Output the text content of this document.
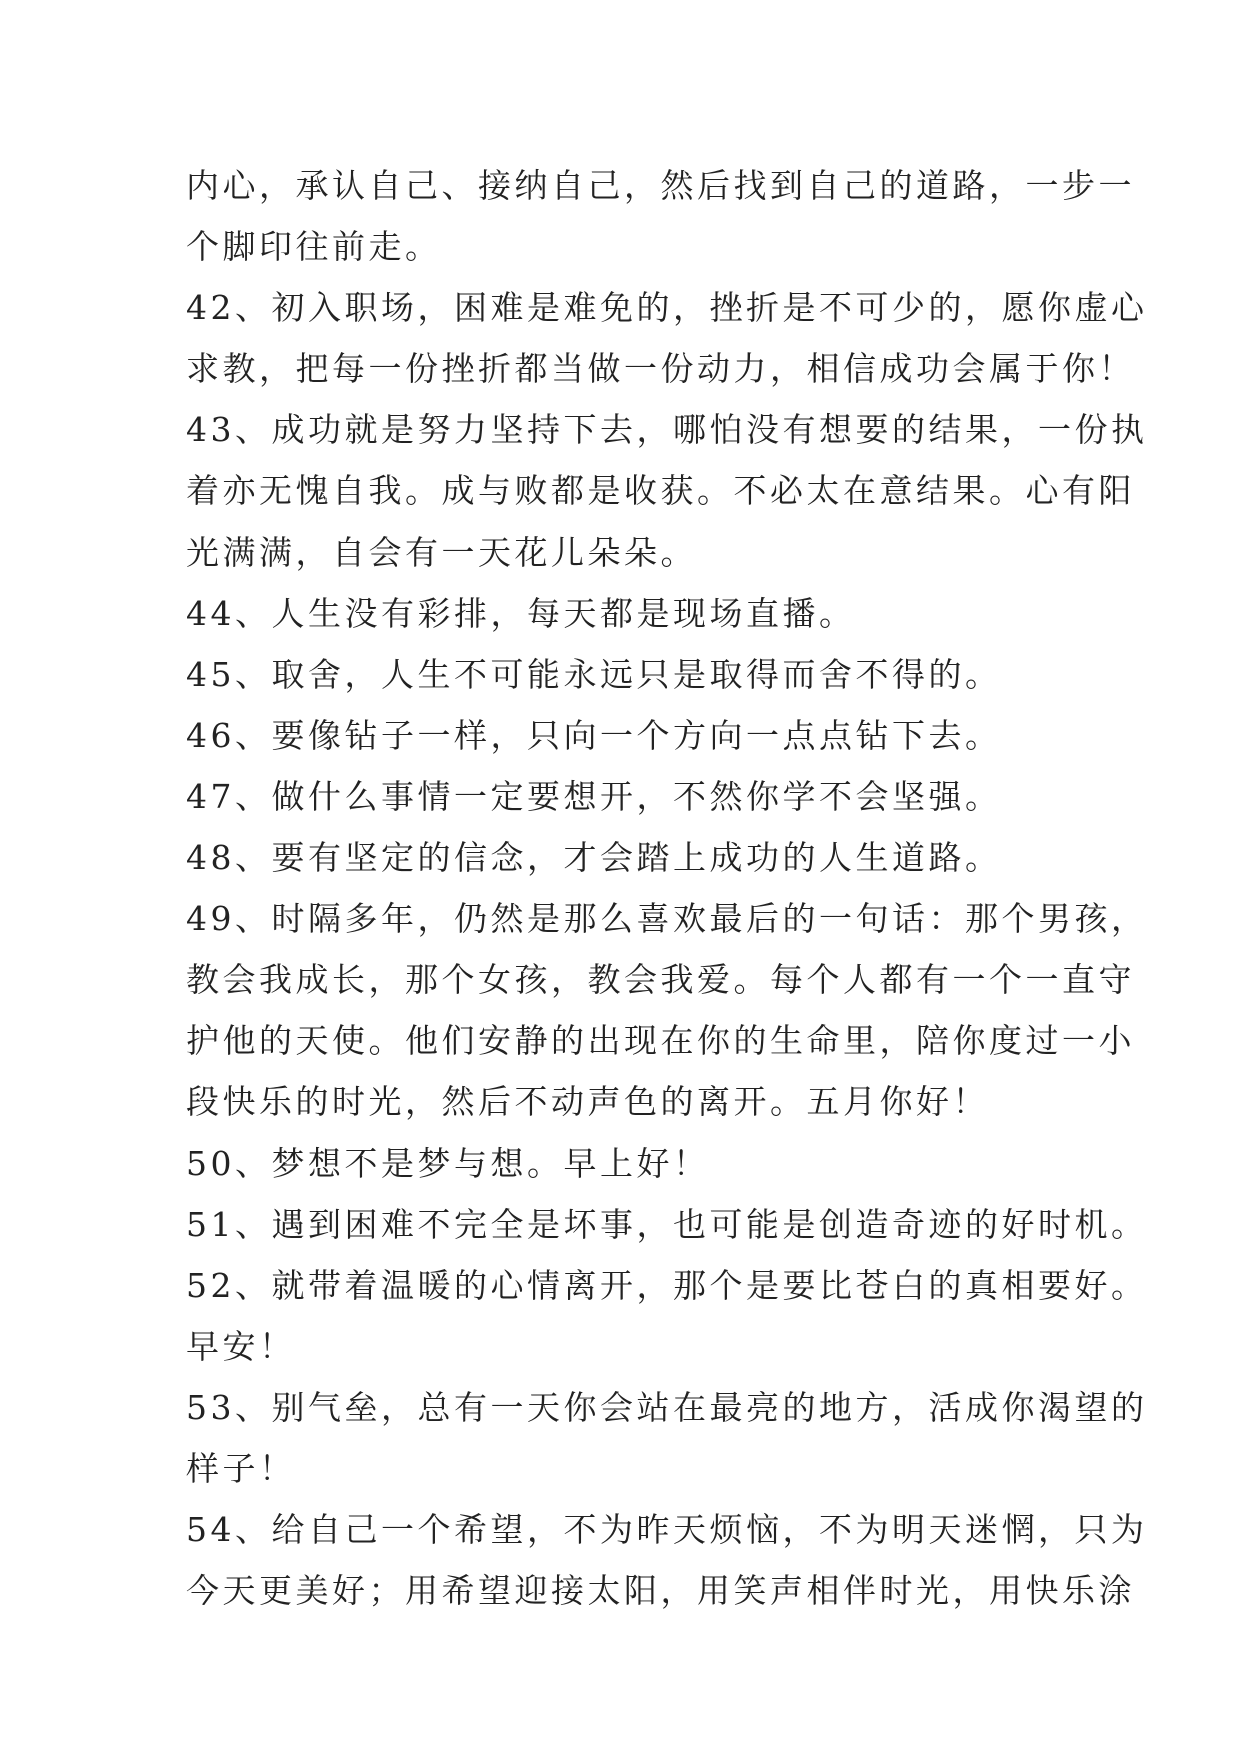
内心，承认自己、接纳自己，然后找到自己的道路，一步一
个脚印往前走。
42、初入职场，困难是难免的，挫折是不可少的，愿你虚心
求教，把每一份挫折都当做一份动力，相信成功会属于你！
43、成功就是努力坚持下去，哪怕没有想要的结果，一份执
着亦无愧自我。成与败都是收获。不必太在意结果。心有阳
光满满，自会有一天花儿朵朵。
44、人生没有彩排，每天都是现场直播。
45、取舍，人生不可能永远只是取得而舍不得的。
46、要像钻子一样，只向一个方向一点点钻下去。
47、做什么事情一定要想开，不然你学不会坚强。
48、要有坚定的信念，才会踏上成功的人生道路。
49、时隔多年，仍然是那么喜欢最后的一句话：那个男孩，
教会我成长，那个女孩，教会我爱。每个人都有一个一直守
护他的天使。他们安静的出现在你的生命里，陪你度过一小
段快乐的时光，然后不动声色的离开。五月你好！
50、梦想不是梦与想。早上好！
51、遇到困难不完全是坏事，也可能是创造奇迹的好时机。
52、就带着温暖的心情离开，那个是要比苍白的真相要好。
早安！
53、别气垒，总有一天你会站在最亮的地方，活成你渴望的
样子！
54、给自己一个希望，不为昨天烦恼，不为明天迷惘，只为
今天更美好；用希望迎接太阳，用笑声相伴时光，用快乐涂
